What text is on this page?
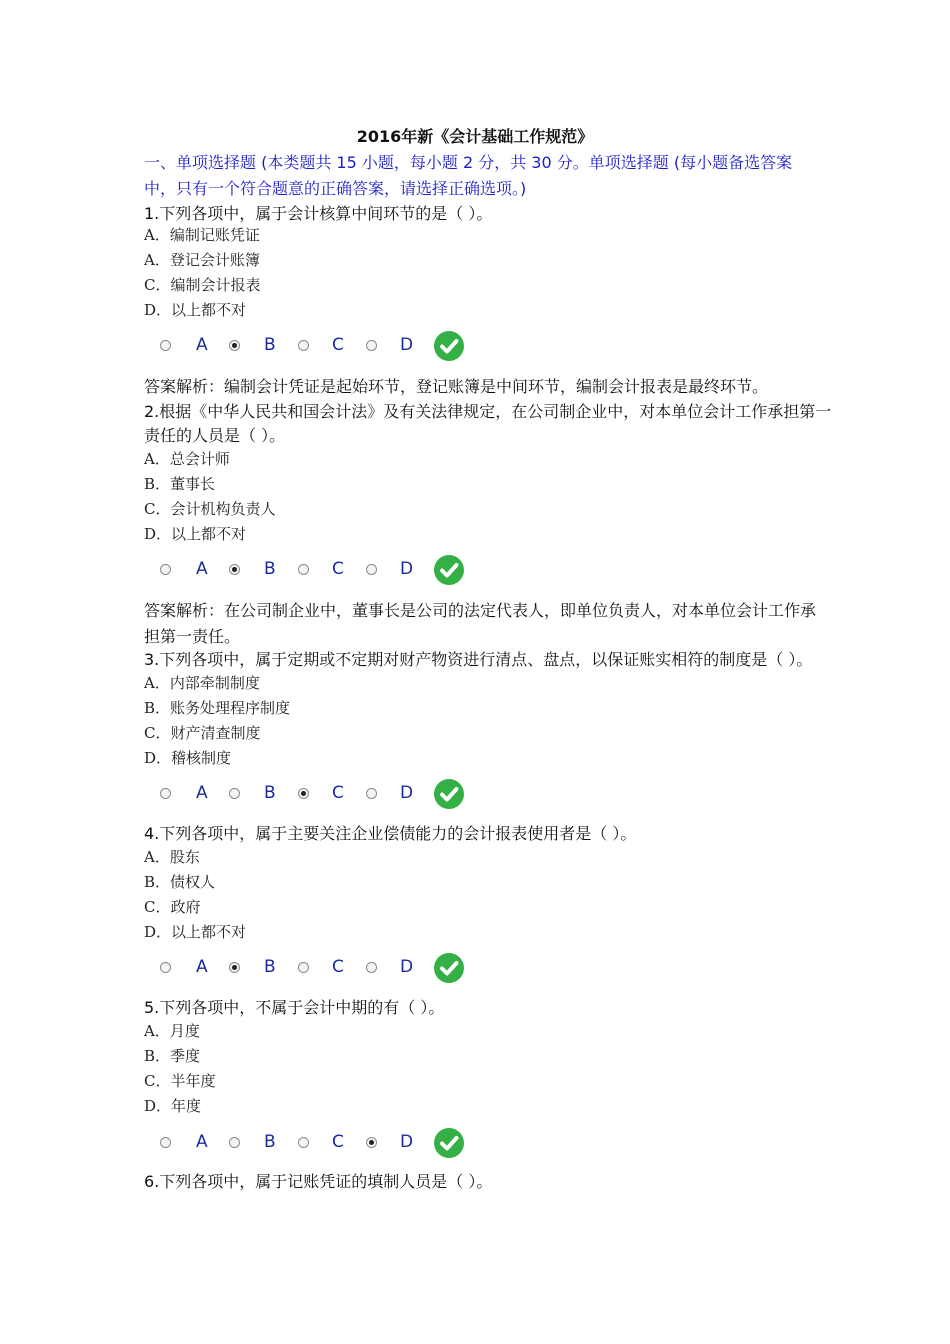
2016年新《会计基础工作规范》
一、单项选择题 (本类题共 15 小题，每小题 2 分，共 30 分。单项选择题 (每小题备选答案中，只有一个符合题意的正确答案，请选择正确选项。)
1.下列各项中，属于会计核算中间环节的是（ ）。
A．编制记账凭证
A．登记会计账簿
C．编制会计报表
D．以上都不对
A	B	C	D
答案解析：编制会计凭证是起始环节，登记账簿是中间环节，编制会计报表是最终环节。
2.根据《中华人民共和国会计法》及有关法律规定，在公司制企业中，对本单位会计工作承担第一责任的人员是（ ）。
A．总会计师
B．董事长
C．会计机构负责人
D．以上都不对
A	B	C	D
答案解析：在公司制企业中，董事长是公司的法定代表人，即单位负责人，对本单位会计工作承担第一责任。
3.下列各项中，属于定期或不定期对财产物资进行清点、盘点，以保证账实相符的制度是（ ）。
A．内部牵制制度
B．账务处理程序制度
C．财产清查制度
D．稽核制度
A	B	C	D
4.下列各项中，属于主要关注企业偿债能力的会计报表使用者是（ ）。
A．股东
B．债权人
C．政府
D．以上都不对
A	B	C	D
5.下列各项中，不属于会计中期的有（ ）。
A．月度
B．季度
C．半年度
D．年度
A	B	C	D
6.下列各项中，属于记账凭证的填制人员是（ ）。
